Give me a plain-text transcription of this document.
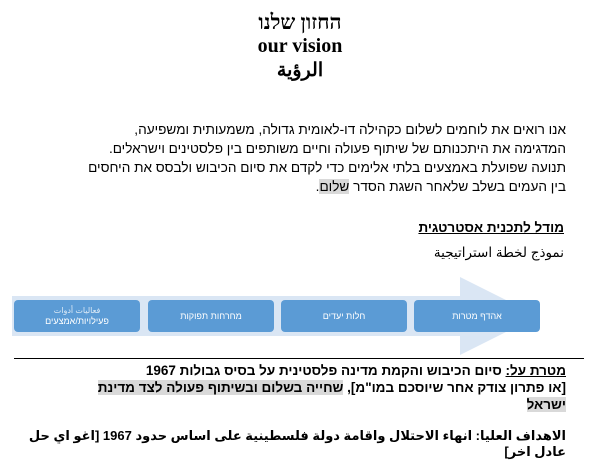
החזון שלנו
our vision
الرؤية
אנו רואים את לוחמים לשלום כקהילה דו-לאומית גדולה, משמעותית ומשפיעה,
המדגימה את היתכנותם של שיתוף פעולה וחיים משותפים בין פלסטינים וישראלים.
תנועה שפועלת באמצעים בלתי אלימים כדי לקדם את סיום הכיבוש ולבסס את היחסים
בין העמים בשלב שלאחר השגת הסדר שלום.
מודל לתכנית אסטרטגית
نموذج لخطة استراتيجية
אהדף מטרות
חלות יעדים
מחרחות תפוקות
فعاليات أدوات
פעילויות/אמצעים
מטרת על: סיום הכיבוש והקמת מדינה פלסטינית על בסיס גבולות 1967
[או פתרון צודק אחר שיוסכם במו"מ], שחייה בשלום ובשיתוף פעולה לצד מדינת
ישראל
الاهداف العليا: انهاء الاحتلال واقامة دولة فلسطينية على اساس حدود 1967 [اغو اي حل عادل اخر]
